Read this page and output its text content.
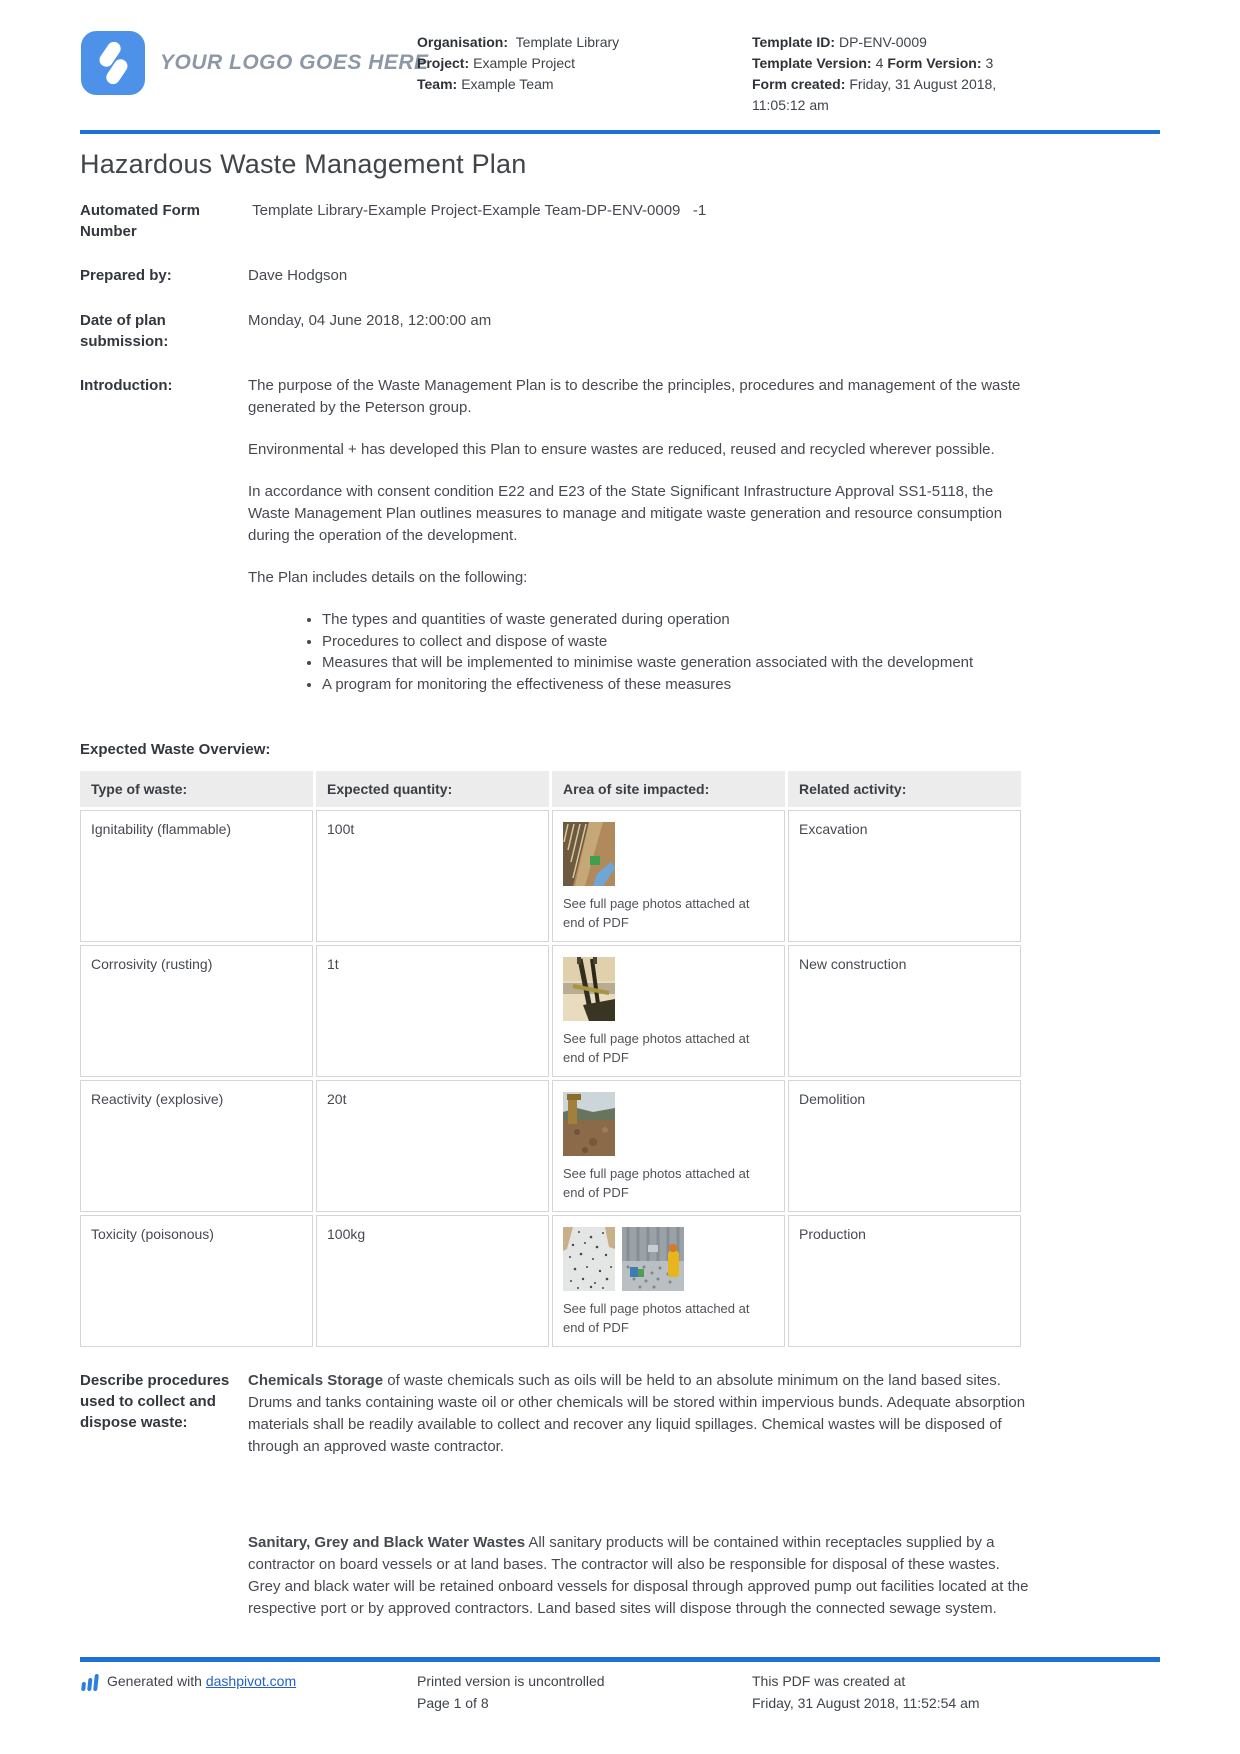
YOUR LOGO GOES HERE
Organisation: Template Library
Project: Example Project
Team: Example Team
Template ID: DP-ENV-0009
Template Version: 4 Form Version: 3
Form created: Friday, 31 August 2018, 11:05:12 am
Hazardous Waste Management Plan
Automated Form Number
Template Library-Example Project-Example Team-DP-ENV-0009   -1
Prepared by:	Dave Hodgson
Date of plan submission:
Monday, 04 June 2018, 12:00:00 am
Introduction:	The purpose of the Waste Management Plan is to describe the principles, procedures and management of the waste generated by the Peterson group.

Environmental + has developed this Plan to ensure wastes are reduced, reused and recycled wherever possible.

In accordance with consent condition E22 and E23 of the State Significant Infrastructure Approval SS1-5118, the Waste Management Plan outlines measures to manage and mitigate waste generation and resource consumption during the operation of the development.

The Plan includes details on the following:

• The types and quantities of waste generated during operation
• Procedures to collect and dispose of waste
• Measures that will be implemented to minimise waste generation associated with the development
• A program for monitoring the effectiveness of these measures
Expected Waste Overview:
Type of waste:	Expected quantity:	Area of site impacted:	Related activity:
Ignitability (flammable)	100t	See full page photos attached at end of PDF	Excavation
Corrosivity (rusting)	1t	See full page photos attached at end of PDF	New construction
Reactivity (explosive)	20t	See full page photos attached at end of PDF	Demolition
Toxicity (poisonous)	100kg	See full page photos attached at end of PDF	Production
Describe procedures used to collect and dispose waste:

Chemicals Storage of waste chemicals such as oils will be held to an absolute minimum on the land based sites. Drums and tanks containing waste oil or other chemicals will be stored within impervious bunds. Adequate absorption materials shall be readily available to collect and recover any liquid spillages. Chemical wastes will be disposed of through an approved waste contractor.

Sanitary, Grey and Black Water Wastes All sanitary products will be contained within receptacles supplied by a contractor on board vessels or at land bases. The contractor will also be responsible for disposal of these wastes. Grey and black water will be retained onboard vessels for disposal through approved pump out facilities located at the respective port or by approved contractors. Land based sites will dispose through the connected sewage system.

Generated with dashpivot.com	Printed version is uncontrolled
Page 1 of 8
This PDF was created at
Friday, 31 August 2018, 11:52:54 am
